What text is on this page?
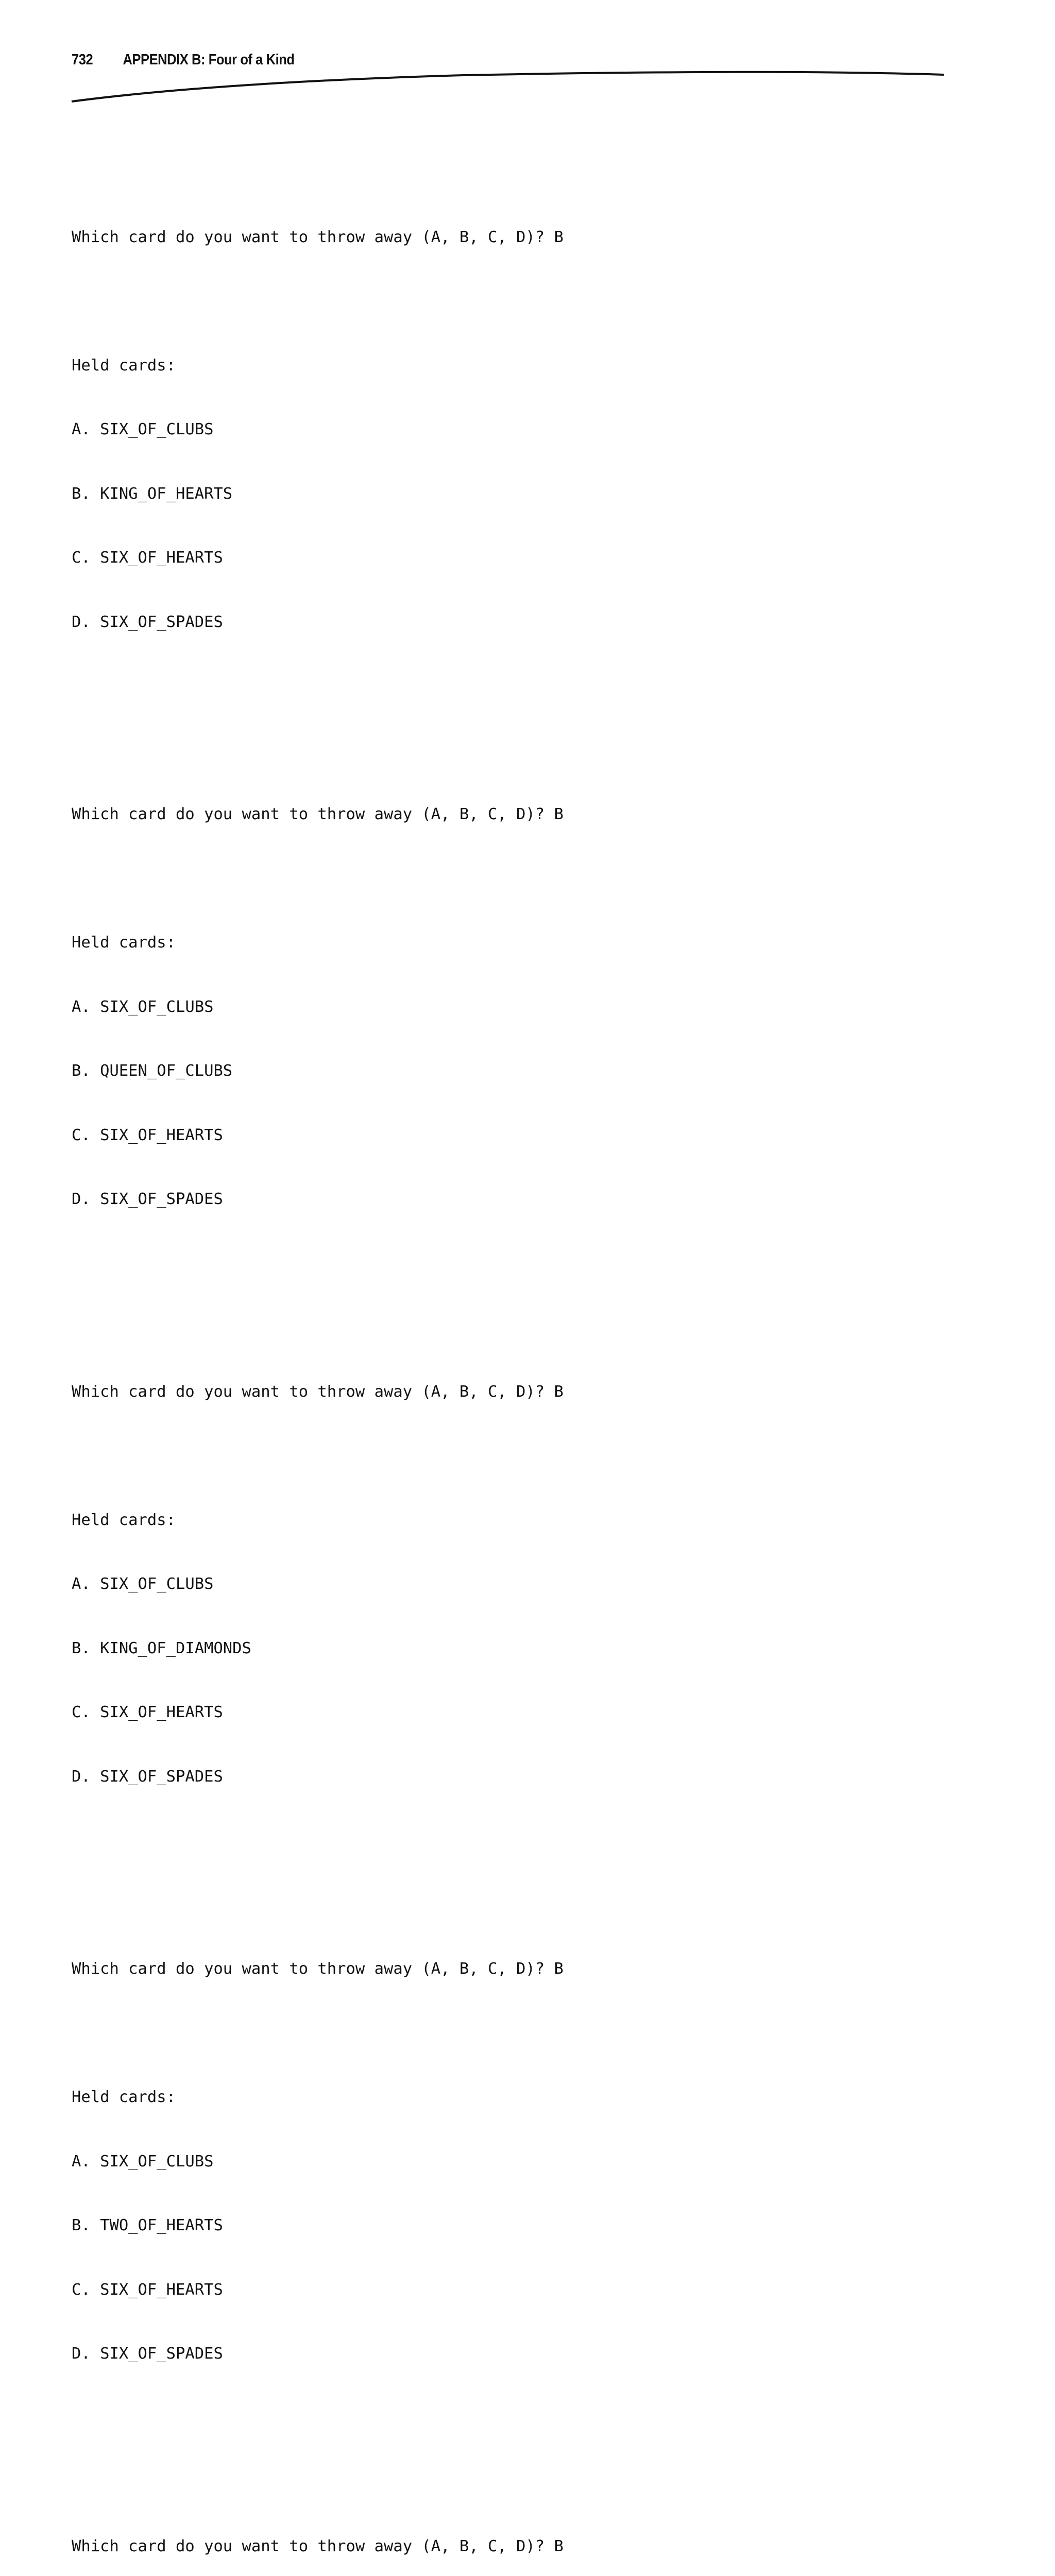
732	APPENDIX B: Four of a Kind

Which card do you want to throw away (A, B, C, D)? B

Held cards:

A. SIX_OF_CLUBS

B. KING_OF_HEARTS

C. SIX_OF_HEARTS

D. SIX_OF_SPADES

Which card do you want to throw away (A, B, C, D)? B

Held cards:

A. SIX_OF_CLUBS

B. QUEEN_OF_CLUBS

C. SIX_OF_HEARTS

D. SIX_OF_SPADES

Which card do you want to throw away (A, B, C, D)? B

Held cards:

A. SIX_OF_CLUBS

B. KING_OF_DIAMONDS

C. SIX_OF_HEARTS

D. SIX_OF_SPADES

Which card do you want to throw away (A, B, C, D)? B

Held cards:

A. SIX_OF_CLUBS

B. TWO_OF_HEARTS

C. SIX_OF_HEARTS

D. SIX_OF_SPADES

Which card do you want to throw away (A, B, C, D)? B
